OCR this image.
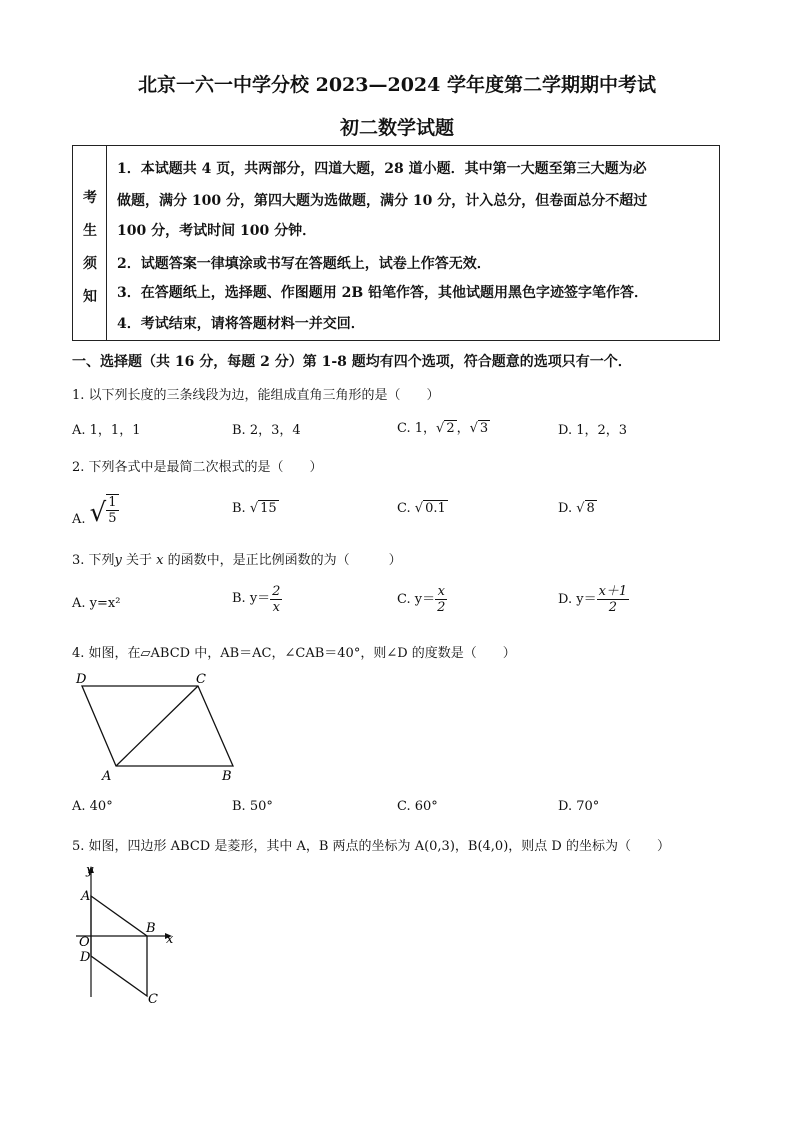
北京一六一中学分校 2023—2024 学年度第二学期期中考试
初二数学试题
考
生
须
知
1．本试题共 4 页，共两部分，四道大题，28 道小题．其中第一大题至第三大题为必
做题，满分 100 分，第四大题为选做题，满分 10 分，计入总分，但卷面总分不超过
100 分，考试时间 100 分钟．
2．试题答案一律填涂或书写在答题纸上，试卷上作答无效．
3．在答题纸上，选择题、作图题用 2B 铅笔作答，其他试题用黑色字迹签字笔作答．
4．考试结束，请将答题材料一并交回．
一、选择题（共 16 分，每题 2 分）第 1-8 题均有四个选项，符合题意的选项只有一个．
1. 以下列长度的三条线段为边，能组成直角三角形的是（　　）
A. 1，1，1	B. 2，3，4	C. 1，√ 2 ，√ 3	D. 1，2，3
2. 下列各式中是最简二次根式的是（　　）
A. √ $\frac{1}{5}$	B. √ 15	C. √ 0.1	D. √ 8
3. 下列y 关于 x 的函数中，是正比例函数的为（　　　）
A. y=x²	B. $y= \frac{2}{x}$	C. $y= \frac{x}{2}$	D. $y= \frac{x+1}{2}$
4. 如图，在▱ABCD 中，AB＝AC，∠CAB＝40°，则∠D 的度数是（　　）
D	C
A	B
A. 40°	B. 50°	C. 60°	D. 70°
5. 如图，四边形 ABCD 是菱形，其中 A，B 两点的坐标为 A(0,3)，B(4,0)，则点 D 的坐标为（　　）
y
x
O
A
B
C
D
